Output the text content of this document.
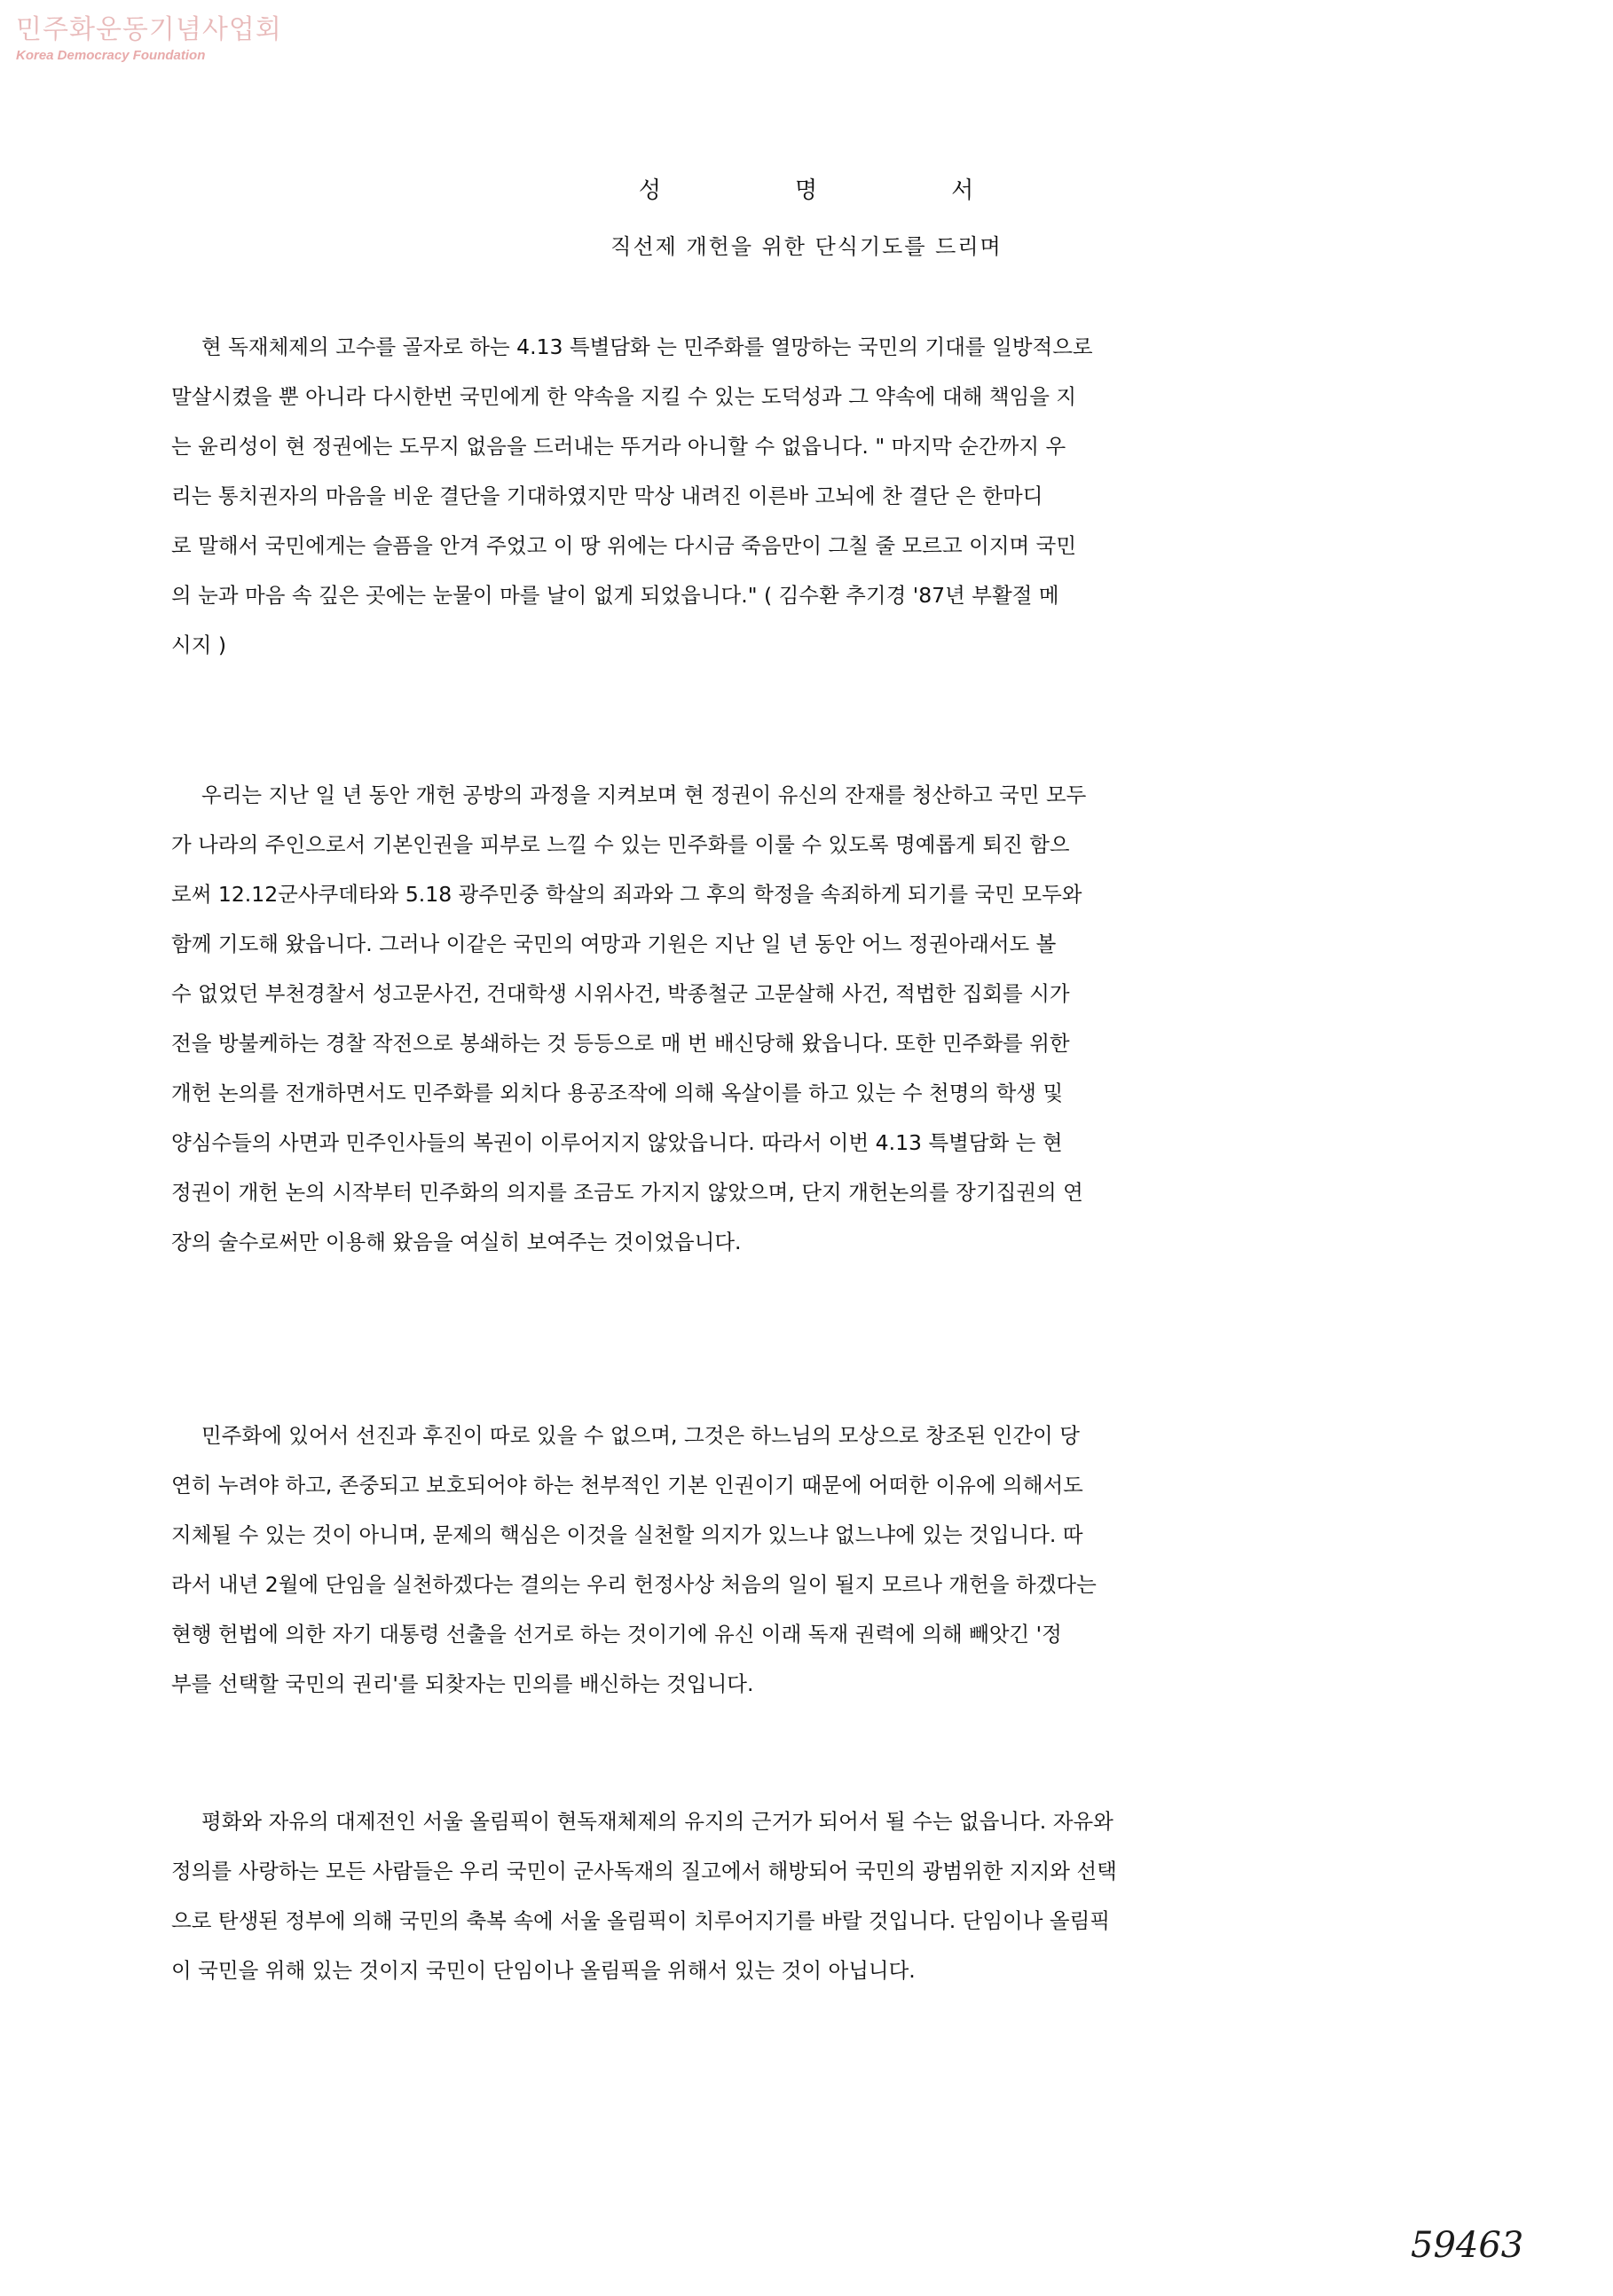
민주화운동기념사업회
Korea Democracy Foundation
성	명	서
직선제 개헌을 위한 단식기도를 드리며
현 독재체제의 고수를 골자로 하는 4.13 특별담화 는 민주화를 열망하는 국민의 기대를 일방적으로
말살시켰을 뿐 아니라 다시한번 국민에게 한 약속을 지킬 수 있는 도덕성과 그 약속에 대해 책임을 지
는 윤리성이 현 정권에는 도무지 없음을 드러내는 뚜거라 아니할 수 없읍니다. " 마지막 순간까지 우
리는 통치권자의 마음을 비운 결단을 기대하였지만 막상 내려진 이른바 고뇌에 찬 결단 은 한마디
로 말해서 국민에게는 슬픔을 안겨 주었고 이 땅 위에는 다시금 죽음만이 그칠 줄 모르고 이지며 국민
의 눈과 마음 속 깊은 곳에는 눈물이 마를 날이 없게 되었읍니다." ( 김수환 추기경 '87년 부활절 메
시지 )
우리는 지난 일 년 동안 개헌 공방의 과정을 지켜보며 현 정권이 유신의 잔재를 청산하고 국민 모두
가 나라의 주인으로서 기본인권을 피부로 느낄 수 있는 민주화를 이룰 수 있도록 명예롭게 퇴진 함으
로써 12.12군사쿠데타와 5.18 광주민중 학살의 죄과와 그 후의 학정을 속죄하게 되기를 국민 모두와
함께 기도해 왔읍니다. 그러나 이같은 국민의 여망과 기원은 지난 일 년 동안 어느 정권아래서도 볼
수 없었던 부천경찰서 성고문사건, 건대학생 시위사건, 박종철군 고문살해 사건, 적법한 집회를 시가
전을 방불케하는 경찰 작전으로 봉쇄하는 것 등등으로 매 번 배신당해 왔읍니다. 또한 민주화를 위한
개헌 논의를 전개하면서도 민주화를 외치다 용공조작에 의해 옥살이를 하고 있는 수 천명의 학생 및
양심수들의 사면과 민주인사들의 복권이 이루어지지 않았읍니다. 따라서 이번 4.13 특별담화 는 현
정권이 개헌 논의 시작부터 민주화의 의지를 조금도 가지지 않았으며, 단지 개헌논의를 장기집권의 연
장의 술수로써만 이용해 왔음을 여실히 보여주는 것이었읍니다.
민주화에 있어서 선진과 후진이 따로 있을 수 없으며, 그것은 하느님의 모상으로 창조된 인간이 당
연히 누려야 하고, 존중되고 보호되어야 하는 천부적인 기본 인권이기 때문에 어떠한 이유에 의해서도
지체될 수 있는 것이 아니며, 문제의 핵심은 이것을 실천할 의지가 있느냐 없느냐에 있는 것입니다. 따
라서 내년 2월에 단임을 실천하겠다는 결의는 우리 헌정사상 처음의 일이 될지 모르나 개헌을 하겠다는
현행 헌법에 의한 자기 대통령 선출을 선거로 하는 것이기에 유신 이래 독재 권력에 의해 빼앗긴 '정
부를 선택할 국민의 권리'를 되찾자는 민의를 배신하는 것입니다.
평화와 자유의 대제전인 서울 올림픽이 현독재체제의 유지의 근거가 되어서 될 수는 없읍니다. 자유와
정의를 사랑하는 모든 사람들은 우리 국민이 군사독재의 질고에서 해방되어 국민의 광범위한 지지와 선택
으로 탄생된 정부에 의해 국민의 축복 속에 서울 올림픽이 치루어지기를 바랄 것입니다. 단임이나 올림픽
이 국민을 위해 있는 것이지 국민이 단임이나 올림픽을 위해서 있는 것이 아닙니다.
59463
